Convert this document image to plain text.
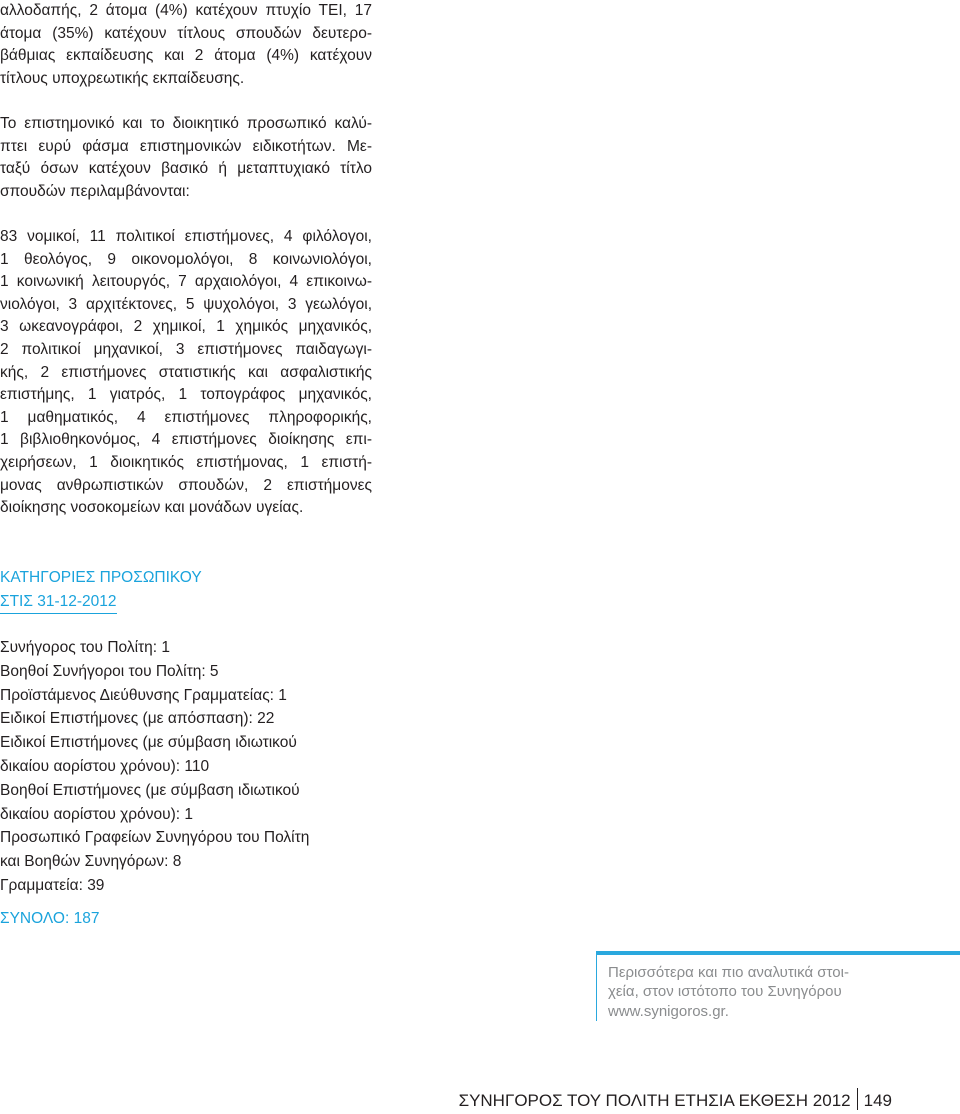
αλλοδαπής, 2 άτομα (4%) κατέχουν πτυχίο ΤΕΙ, 17
άτομα (35%) κατέχουν τίτλους σπουδών δευτερο-
βάθμιας εκπαίδευσης και 2 άτομα (4%) κατέχουν
τίτλους υποχρεωτικής εκπαίδευσης.
Το επιστημονικό και το διοικητικό προσωπικό καλύ-
πτει ευρύ φάσμα επιστημονικών ειδικοτήτων. Με-
ταξύ όσων κατέχουν βασικό ή μεταπτυχιακό τίτλο
σπουδών περιλαμβάνονται:
83 νομικοί, 11 πολιτικοί επιστήμονες, 4 φιλόλογοι,
1 θεολόγος, 9 οικονομολόγοι, 8 κοινωνιολόγοι,
1 κοινωνική λειτουργός, 7 αρχαιολόγοι, 4 επικοινω-
νιολόγοι, 3 αρχιτέκτονες, 5 ψυχολόγοι, 3 γεωλόγοι,
3 ωκεανογράφοι, 2 χημικοί, 1 χημικός μηχανικός,
2 πολιτικοί μηχανικοί, 3 επιστήμονες παιδαγωγι-
κής, 2 επιστήμονες στατιστικής και ασφαλιστικής
επιστήμης, 1 γιατρός, 1 τοπογράφος μηχανικός,
1 μαθηματικός, 4 επιστήμονες πληροφορικής,
1 βιβλιοθηκονόμος, 4 επιστήμονες διοίκησης επι-
χειρήσεων, 1 διοικητικός επιστήμονας, 1 επιστή-
μονας ανθρωπιστικών σπουδών, 2 επιστήμονες
διοίκησης νοσοκομείων και μονάδων υγείας.
ΚΑΤΗΓΟΡΙΕΣ ΠΡΟΣΩΠΙΚΟΥ
ΣΤΙΣ 31-12-2012
Συνήγορος του Πολίτη: 1
Βοηθοί Συνήγοροι του Πολίτη: 5
Προϊστάμενος Διεύθυνσης Γραμματείας: 1
Ειδικοί Επιστήμονες (με απόσπαση): 22
Ειδικοί Επιστήμονες (με σύμβαση ιδιωτικού
δικαίου αορίστου χρόνου): 110
Βοηθοί Επιστήμονες (με σύμβαση ιδιωτικού
δικαίου αορίστου χρόνου): 1
Προσωπικό Γραφείων Συνηγόρου του Πολίτη
και Βοηθών Συνηγόρων: 8
Γραμματεία: 39
ΣΥΝΟΛΟ: 187
Περισσότερα και πιο αναλυτικά στοι-
χεία, στον ιστότοπο του Συνηγόρου
www.synigoros.gr.
ΣΥΝΗΓΟΡΟΣ ΤΟΥ ΠΟΛΙΤΗ ΕΤΗΣΙΑ ΕΚΘΕΣΗ 2012 149
